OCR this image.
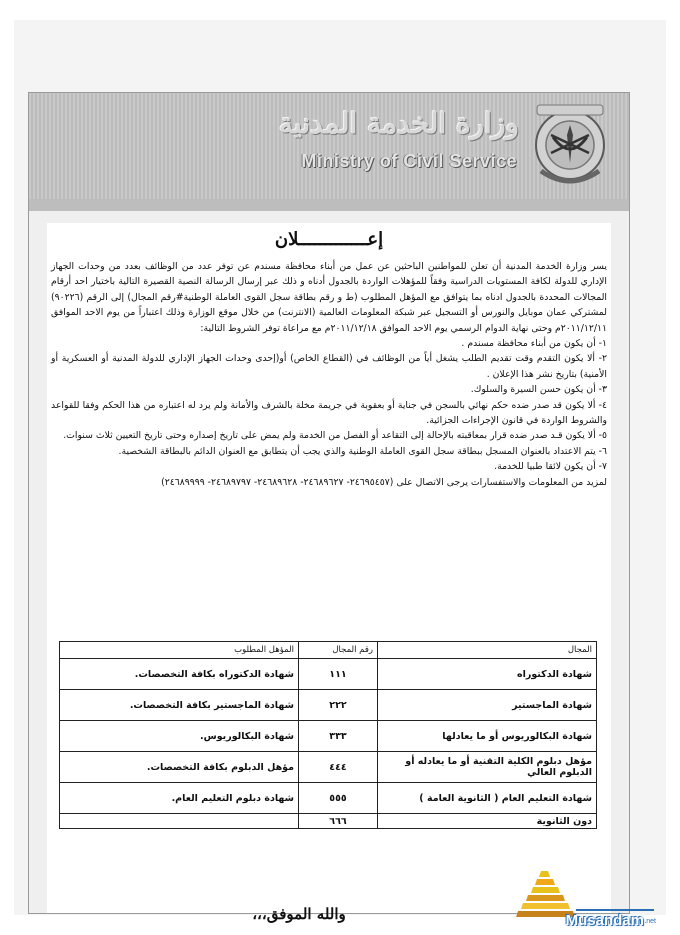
وزارة الخدمة المدنية
Ministry of Civil Service
إعـــــــــــــلان

يسر وزارة الخدمة المدنية أن تعلن للمواطنين الباحثين عن عمل من أبناء محافظة مسندم عن توفر عدد من الوظائف بعدد من وحدات الجهاز الإداري للدولة لكافة المستويات الدراسية وفقاً للمؤهلات الواردة بالجدول أدناه و ذلك عبر إرسال الرسالة النصية القصيرة التالية باختيار احد أرقام المجالات المحددة بالجدول ادناه بما يتوافق مع المؤهل المطلوب (ط و رقم بطاقة سجل القوى العاملة الوطنية#رقم المجال) إلى الرقم (٩٠٢٢٦) لمشتركي عمان موبايل والنورس أو التسجيل عبر شبكة المعلومات العالمية (الانترنت) من خلال موقع الوزارة وذلك اعتباراً من يوم الاحد الموافق ٢٠١١/١٢/١١م وحتى نهاية الدوام الرسمي يوم الاحد الموافق ٢٠١١/١٢/١٨م مع مراعاة توفر الشروط التالية:

١- أن يكون من أبناء محافظة مسندم .

٢- ألا يكون التقدم وقت تقديم الطلب يشغل أياً من الوظائف في (القطاع الخاص) أو(إحدى وحدات الجهاز الإداري للدولة المدنية أو العسكرية أو الأمنية) بتاريخ نشر هذا الإعلان .

٣- أن يكون حسن السيرة والسلوك.

٤- ألا يكون قد صدر ضده حكم نهائي بالسجن في جناية أو بعقوبة في جريمة مخلة بالشرف والأمانة ولم يرد له اعتباره من هذا الحكم وفقا للقواعد والشروط الواردة في قانون الإجراءات الجزائية.

٥- ألا يكون قـد صدر ضده قرار بمعاقبته بالإحالة إلى التقاعد أو الفصل من الخدمة ولم يمض على تاريخ إصداره وحتى تاريخ التعيين ثلاث سنوات.

٦- يتم الاعتداد بالعنوان المسجل ببطاقة سجل القوى العاملة الوطنية والذي يجب أن يتطابق مع العنوان الدائم بالبطاقة الشخصية.

٧- أن يكون لائقا طبيا للخدمة.

لمزيد من المعلومات والاستفسارات يرجى الاتصال على (٢٤٦٩٥٤٥٧- ٢٤٦٨٩٦٢٧- ٢٤٦٨٩٦٢٨- ٢٤٦٨٩٧٩٧- ٢٤٦٨٩٩٩٩)

المجال	رقم المجال	المؤهل المطلوب
شهادة الدكتوراه	١١١	شهادة الدكتوراه بكافة التخصصات.
شهادة الماجستير	٢٢٢	شهادة الماجستير بكافة التخصصات.
شهادة البكالوريوس أو ما يعادلها	٣٣٣	شهادة البكالوريوس.
مؤهل دبلوم الكلية التقنية أو ما يعادله أو الدبلوم العالي	٤٤٤	مؤهل الدبلوم بكافة التخصصات.
شهادة التعليم العام ( الثانوية العامة )	٥٥٥	شهادة دبلوم التعليم العام.
دون الثانوية	٦٦٦	
والله الموفق،،،	Musandam .net
